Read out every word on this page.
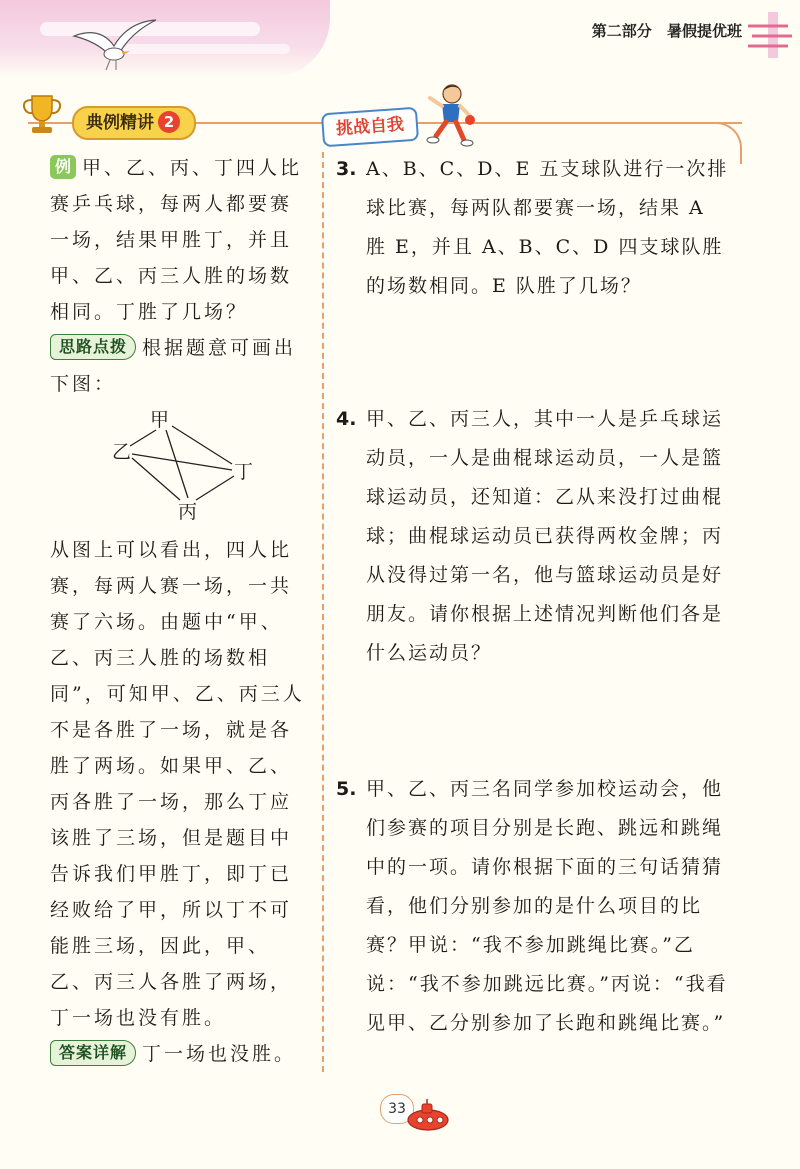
第二部分 暑假提优班
典例精讲 2	挑战自我

例 甲、乙、丙、丁四人比赛乒乓球，每两人都要赛一场，结果甲胜丁，并且甲、乙、丙三人胜的场数相同。丁胜了几场？

思路点拨 根据题意可画出下图：

甲
乙
丁
丙

从图上可以看出，四人比赛，每两人赛一场，一共赛了六场。由题中“甲、乙、丙三人胜的场数相同”，可知甲、乙、丙三人不是各胜了一场，就是各胜了两场。如果甲、乙、丙各胜了一场，那么丁应该胜了三场，但是题目中告诉我们甲胜丁，即丁已经败给了甲，所以丁不可能胜三场，因此，甲、乙、丙三人各胜了两场，丁一场也没有胜。

答案详解 丁一场也没胜。

3. A、B、C、D、E 五支球队进行一次排球比赛，每两队都要赛一场，结果 A 胜 E，并且 A、B、C、D 四支球队胜的场数相同。E 队胜了几场？

4. 甲、乙、丙三人，其中一人是乒乓球运动员，一人是曲棍球运动员，一人是篮球运动员，还知道：乙从来没打过曲棍球；曲棍球运动员已获得两枚金牌；丙从没得过第一名，他与篮球运动员是好朋友。请你根据上述情况判断他们各是什么运动员？

5. 甲、乙、丙三名同学参加校运动会，他们参赛的项目分别是长跑、跳远和跳绳中的一项。请你根据下面的三句话猜猜看，他们分别参加的是什么项目的比赛？甲说：“我不参加跳绳比赛。”乙说：“我不参加跳远比赛。”丙说：“我看见甲、乙分别参加了长跑和跳绳比赛。”

33
